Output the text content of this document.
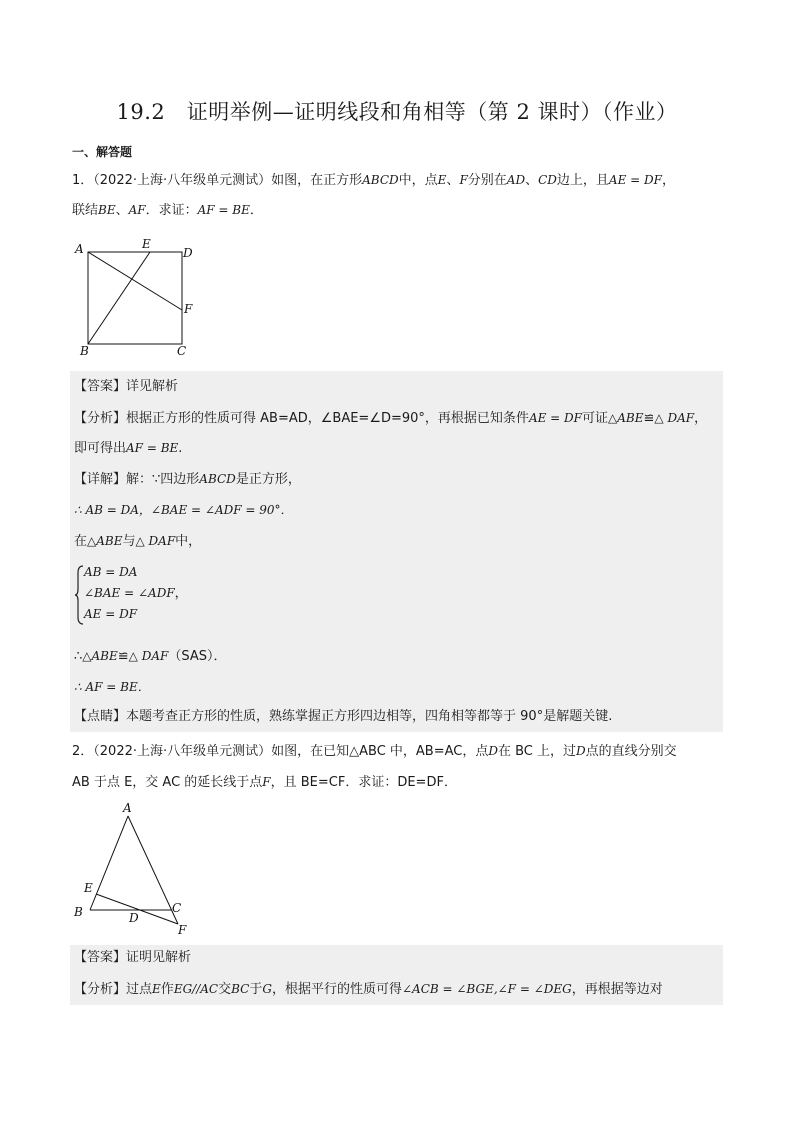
19.2　证明举例—证明线段和角相等（第 2 课时）（作业）
一、解答题
1．（2022·上海·八年级单元测试）如图，在正方形ABCD中，点E、F分别在AD、CD边上，且AE = DF，
联结BE、AF．求证：AF = BE．
A	E
D
F
B	C
【答案】详见解析
【分析】根据正方形的性质可得 AB=AD，∠BAE=∠D=90°，再根据已知条件AE = DF可证△ABE≌△ DAF，
即可得出AF = BE.
【详解】解：∵四边形ABCD是正方形，
∴ AB = DA，∠BAE = ∠ADF = 90°．
在△ABE与△ DAF中，
AB = DA
∠BAE = ∠ADF，
AE = DF
∴△ABE≌△ DAF（SAS）．
∴ AF = BE．
【点睛】本题考查正方形的性质，熟练掌握正方形四边相等，四角相等都等于 90°是解题关键.
2．（2022·上海·八年级单元测试）如图，在已知△ABC 中，AB=AC，点D在 BC 上，过D点的直线分别交
AB 于点 E，交 AC 的延长线于点F，且 BE=CF．求证：DE=DF．
A
E
B	D
C
F
【答案】证明见解析
【分析】过点E作EG//AC交BC于G，根据平行的性质可得∠ACB = ∠BGE,∠F = ∠DEG，再根据等边对
